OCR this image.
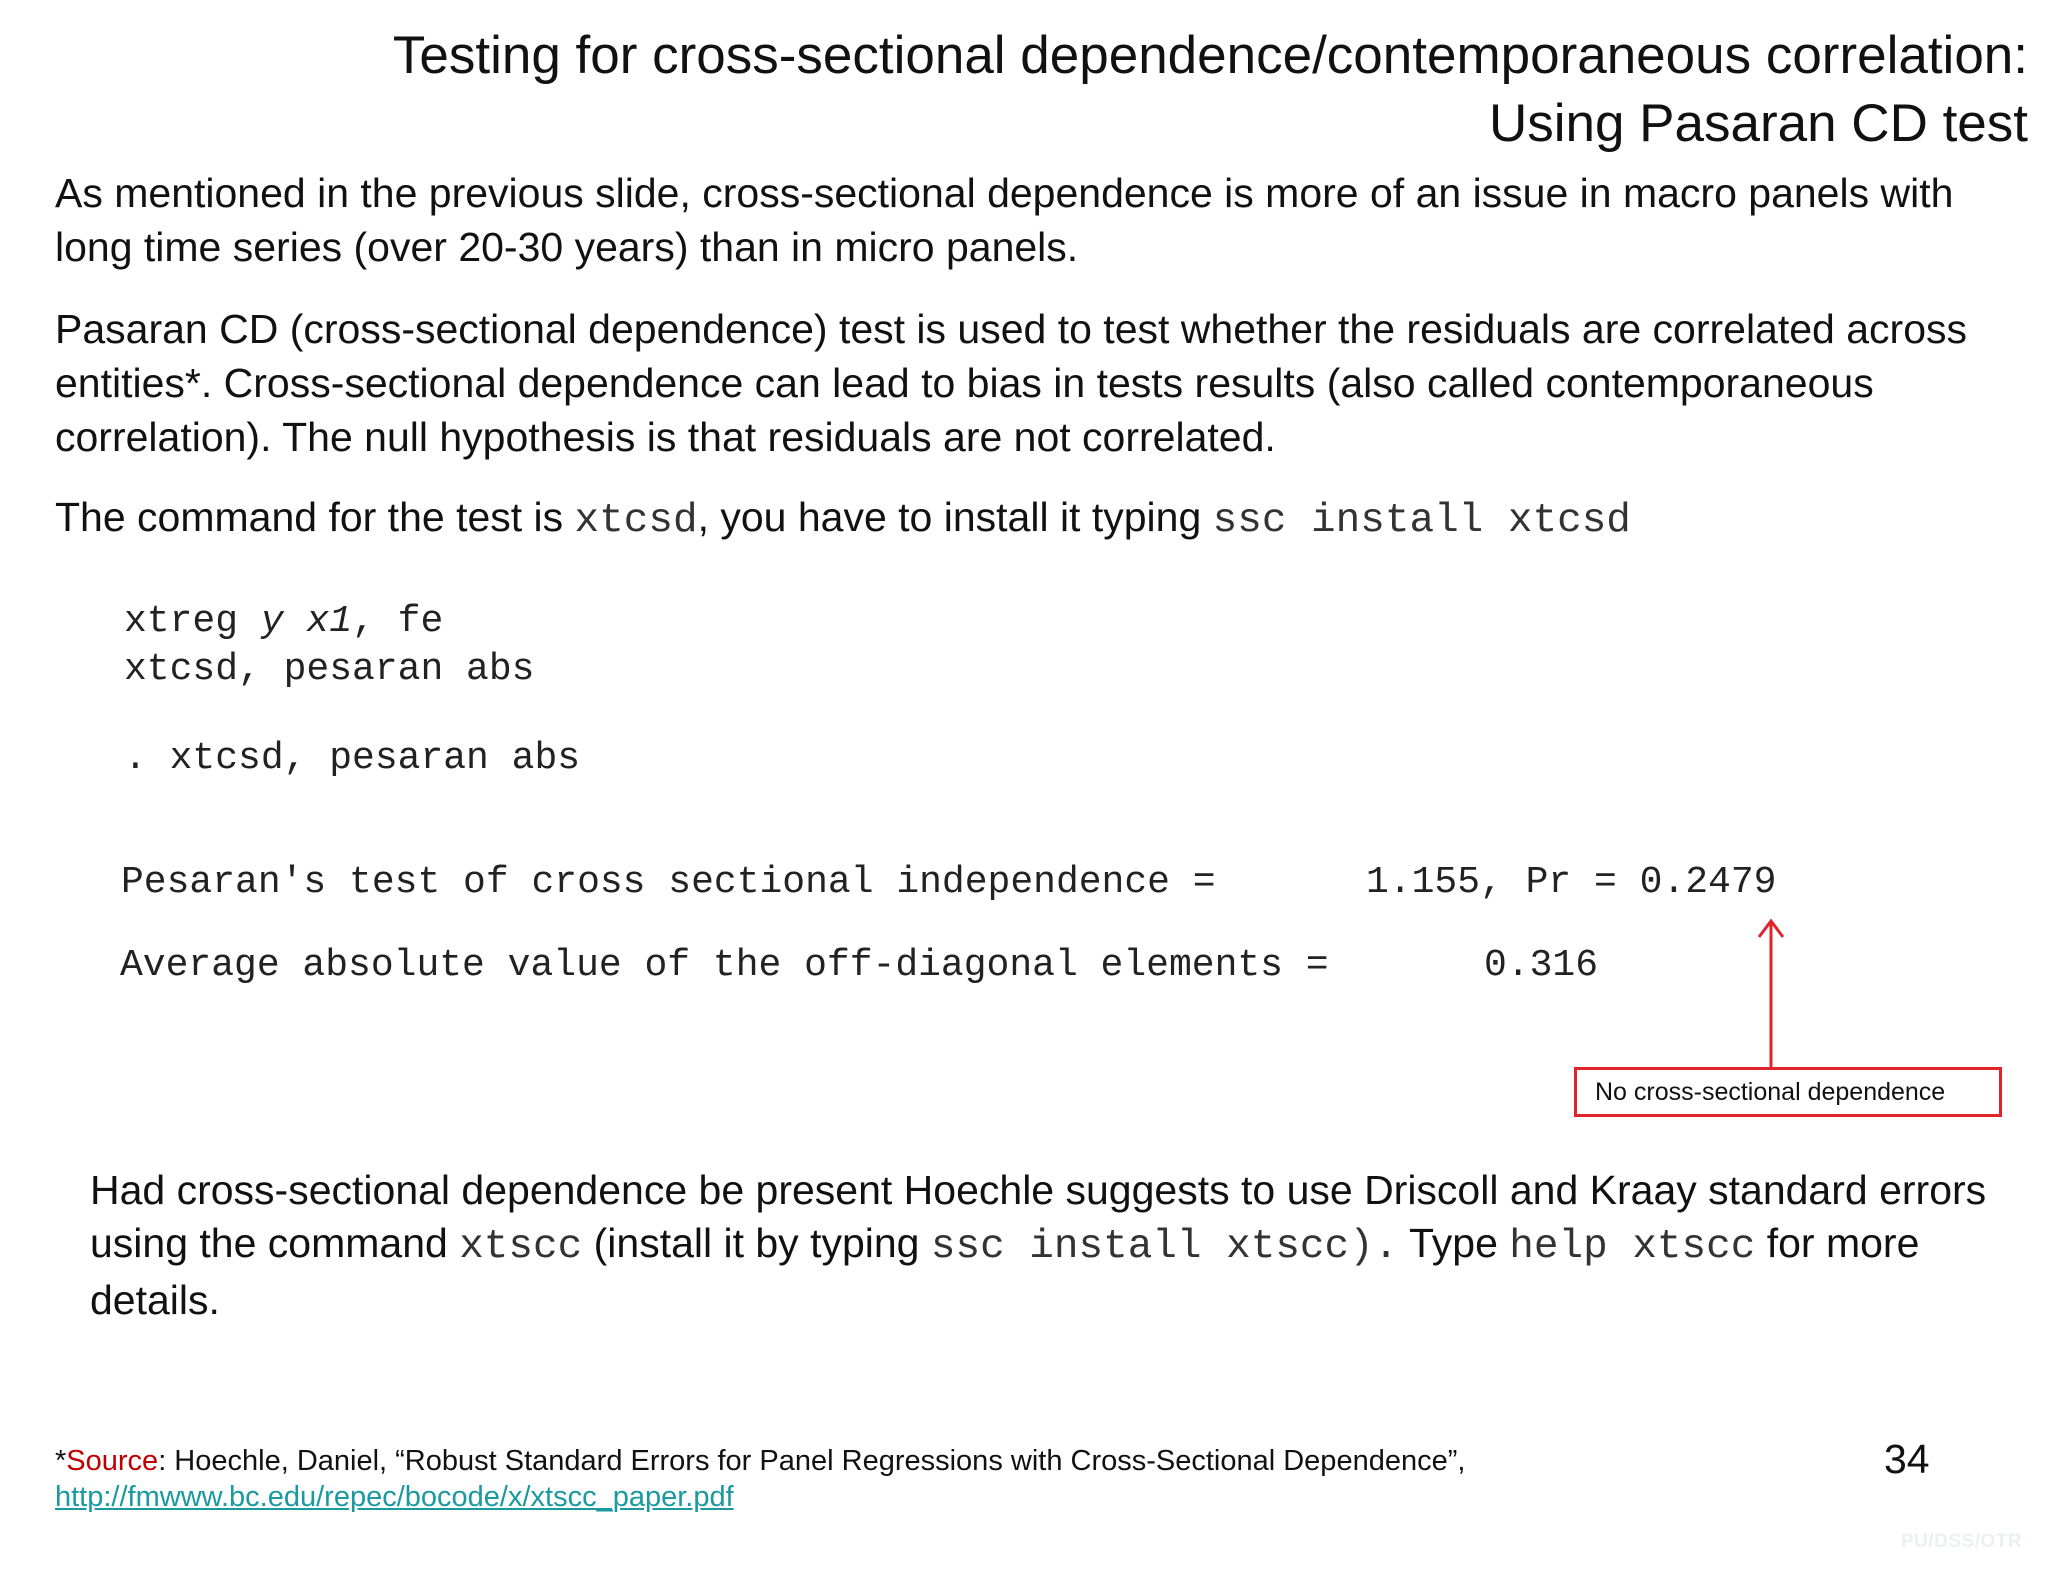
Testing for cross-sectional dependence/contemporaneous correlation:
Using Pasaran CD test
As mentioned in the previous slide, cross-sectional dependence is more of an issue in macro panels with long time series (over 20-30 years) than in micro panels.
Pasaran CD (cross-sectional dependence) test is used to test whether the residuals are correlated across entities*. Cross-sectional dependence can lead to bias in tests results (also called contemporaneous correlation). The null hypothesis is that residuals are not correlated.
The command for the test is xtcsd, you have to install it typing ssc install xtcsd
xtreg y x1, fe
xtcsd, pesaran abs
. xtcsd, pesaran abs
Pesaran's test of cross sectional independence =	1.155, Pr = 0.2479
Average absolute value of the off-diagonal elements =	0.316
No cross-sectional dependence
Had cross-sectional dependence be present Hoechle suggests to use Driscoll and Kraay standard errors using the command xtscc (install it by typing ssc install xtscc). Type help xtscc for more details.
*Source: Hoechle, Daniel, “Robust Standard Errors for Panel Regressions with Cross-Sectional Dependence”,
http://fmwww.bc.edu/repec/bocode/x/xtscc_paper.pdf
34
PU/DSS/OTR
